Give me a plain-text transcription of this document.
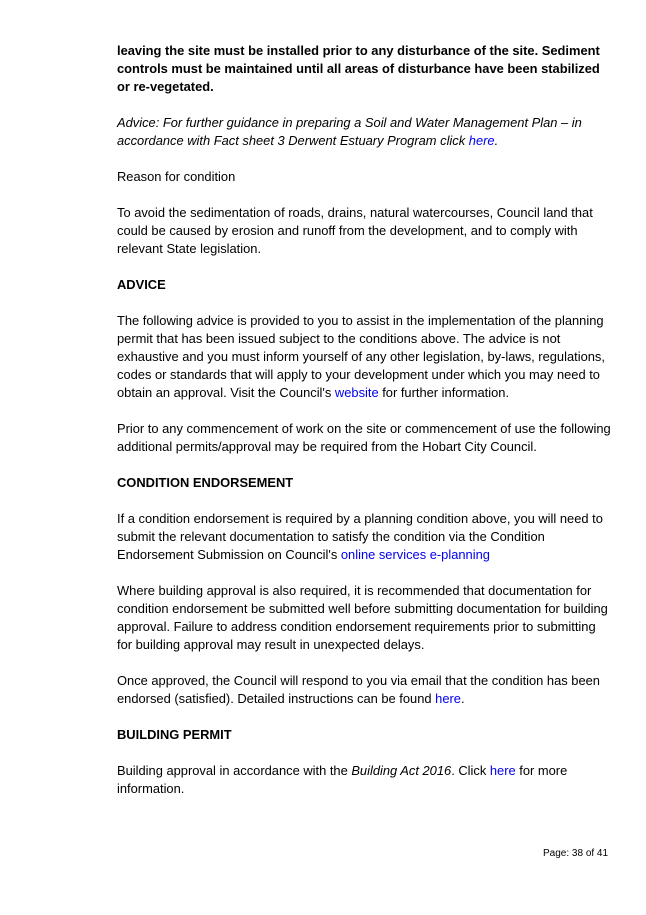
leaving the site must be installed prior to any disturbance of the site. Sediment controls must be maintained until all areas of disturbance have been stabilized or re-vegetated.

Advice: For further guidance in preparing a Soil and Water Management Plan – in accordance with Fact sheet 3 Derwent Estuary Program click here.

Reason for condition

To avoid the sedimentation of roads, drains, natural watercourses, Council land that could be caused by erosion and runoff from the development, and to comply with relevant State legislation.

ADVICE

The following advice is provided to you to assist in the implementation of the planning permit that has been issued subject to the conditions above. The advice is not exhaustive and you must inform yourself of any other legislation, by-laws, regulations, codes or standards that will apply to your development under which you may need to obtain an approval. Visit the Council's website for further information.

Prior to any commencement of work on the site or commencement of use the following additional permits/approval may be required from the Hobart City Council.

CONDITION ENDORSEMENT

If a condition endorsement is required by a planning condition above, you will need to submit the relevant documentation to satisfy the condition via the Condition Endorsement Submission on Council's online services e-planning

Where building approval is also required, it is recommended that documentation for condition endorsement be submitted well before submitting documentation for building approval. Failure to address condition endorsement requirements prior to submitting for building approval may result in unexpected delays.

Once approved, the Council will respond to you via email that the condition has been endorsed (satisfied). Detailed instructions can be found here.

BUILDING PERMIT

Building approval in accordance with the Building Act 2016. Click here for more information.

Page: 38 of 41
